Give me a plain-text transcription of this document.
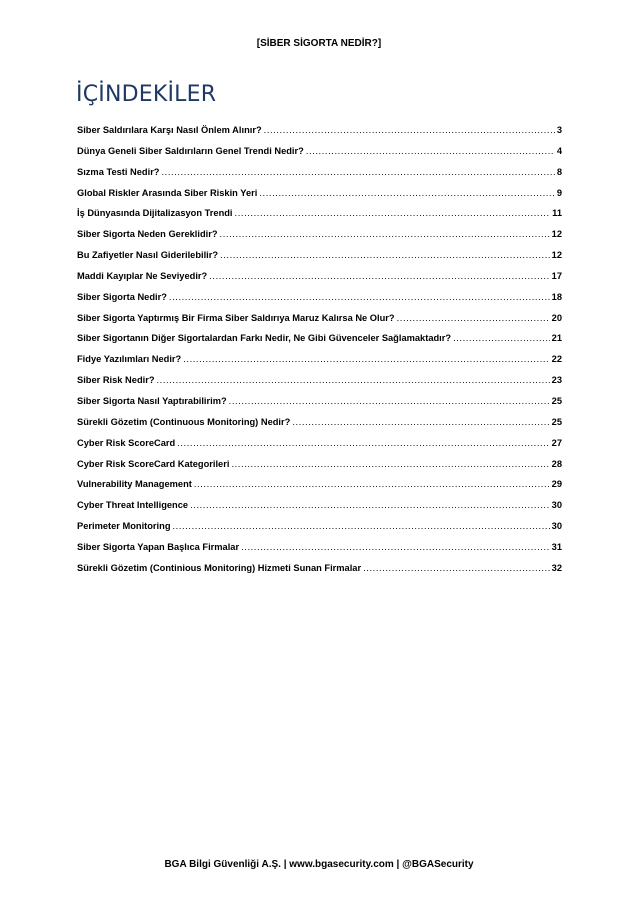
[SİBER SİGORTA NEDİR?]
İÇİNDEKİLER
Siber Saldırılara Karşı Nasıl Önlem Alınır? .....	3
Dünya Geneli Siber Saldırıların Genel Trendi Nedir? .....	4
Sızma Testi Nedir? .....	8
Global Riskler Arasında Siber Riskin Yeri .....	9
İş Dünyasında Dijitalizasyon Trendi .....	11
Siber Sigorta Neden Gereklidir? .....	12
Bu Zafiyetler Nasıl Giderilebilir? .....	12
Maddi Kayıplar Ne Seviyedir? .....	17
Siber Sigorta Nedir? .....	18
Siber Sigorta Yaptırmış Bir Firma Siber Saldırıya Maruz Kalırsa Ne Olur? .....	20
Siber Sigortanın Diğer Sigortalardan Farkı Nedir, Ne Gibi Güvenceler Sağlamaktadır? .....	21
Fidye Yazılımları Nedir? .....	22
Siber Risk Nedir? .....	23
Siber Sigorta Nasıl Yaptırabilirim? .....	25
Sürekli Gözetim (Continuous Monitoring) Nedir? .....	25
Cyber Risk ScoreCard .....	27
Cyber Risk ScoreCard Kategorileri .....	28
Vulnerability Management .....	29
Cyber Threat Intelligence .....	30
Perimeter Monitoring .....	30
Siber Sigorta Yapan Başlıca Firmalar .....	31
Sürekli Gözetim (Continious Monitoring) Hizmeti Sunan Firmalar .....	32
BGA Bilgi Güvenliği A.Ş. | www.bgasecurity.com | @BGASecurity
